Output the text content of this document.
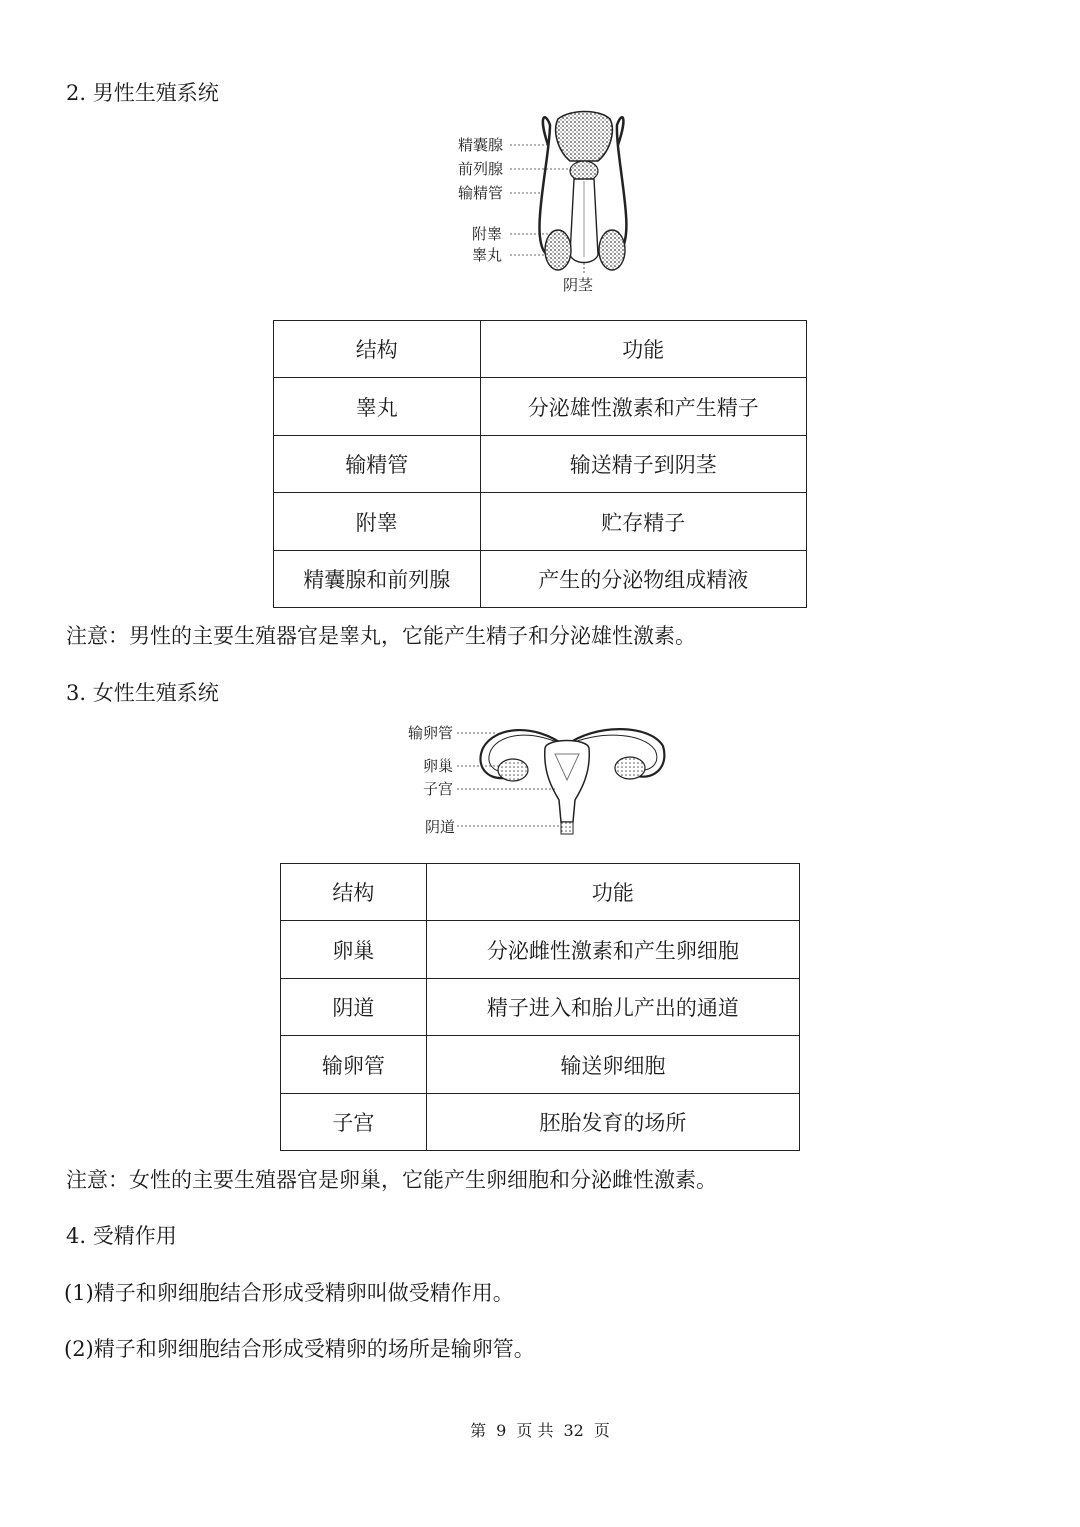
2. 男性生殖系统
精囊腺
前列腺
输精管
附睾
睾丸
阴茎
结构	功能
睾丸	分泌雄性激素和产生精子
输精管	输送精子到阴茎
附睾	贮存精子
精囊腺和前列腺	产生的分泌物组成精液

注意：男性的主要生殖器官是睾丸，它能产生精子和分泌雄性激素。

3. 女性生殖系统
输卵管
卵巢
子宫
阴道
结构	功能
卵巢	分泌雌性激素和产生卵细胞
阴道	精子进入和胎儿产出的通道
输卵管	输送卵细胞
子宫	胚胎发育的场所

注意：女性的主要生殖器官是卵巢，它能产生卵细胞和分泌雌性激素。

4. 受精作用

(1)精子和卵细胞结合形成受精卵叫做受精作用。

(2)精子和卵细胞结合形成受精卵的场所是输卵管。

第 9 页 共 32 页
